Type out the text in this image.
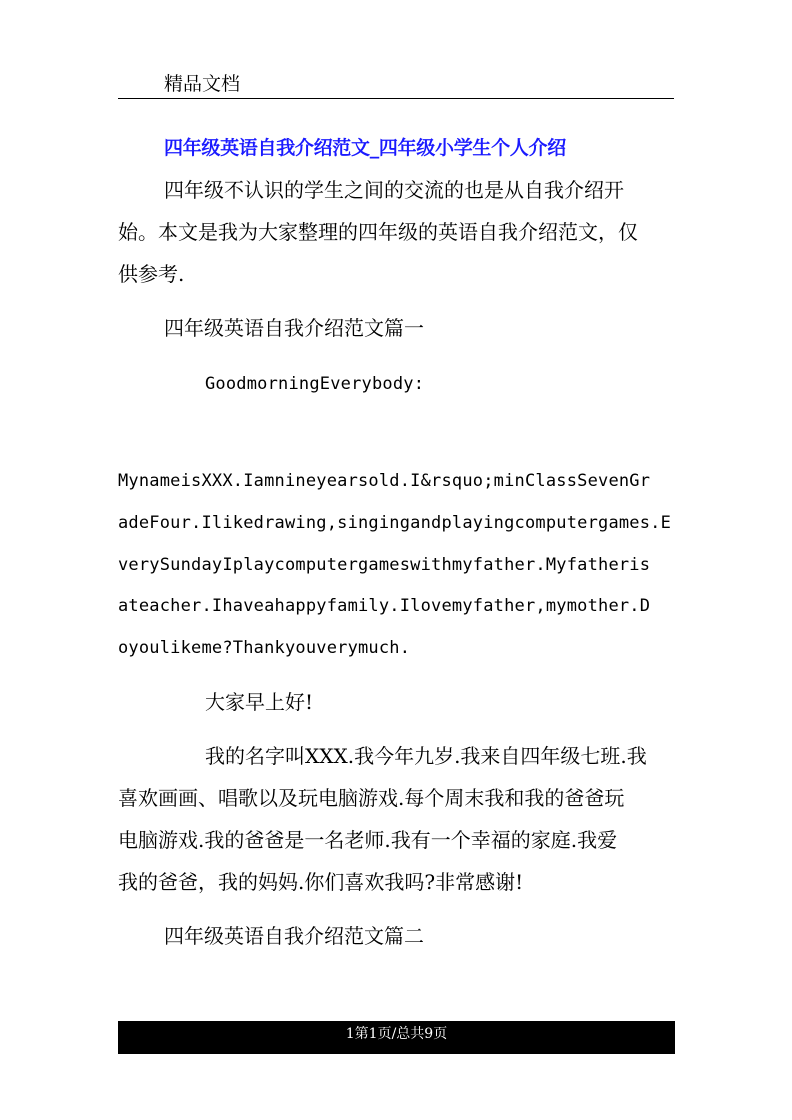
精品文档
四年级英语自我介绍范文_四年级小学生个人介绍
四年级不认识的学生之间的交流的也是从自我介绍开
始。本文是我为大家整理的四年级的英语自我介绍范文，仅
供参考.
四年级英语自我介绍范文篇一
GoodmorningEverybody:
MynameisXXX.Iamnineyearsold.I&rsquo;minClassSevenGr
adeFour.Ilikedrawing,singingandplayingcomputergames.E
verySundayIplaycomputergameswithmyfather.Myfatheris
ateacher.Ihaveahappyfamily.Ilovemyfather,mymother.D
oyoulikeme?Thankyouverymuch.
大家早上好!
我的名字叫XXX.我今年九岁.我来自四年级七班.我
喜欢画画、唱歌以及玩电脑游戏.每个周末我和我的爸爸玩
电脑游戏.我的爸爸是一名老师.我有一个幸福的家庭.我爱
我的爸爸，我的妈妈.你们喜欢我吗?非常感谢!
四年级英语自我介绍范文篇二
1第1页/总共9页
